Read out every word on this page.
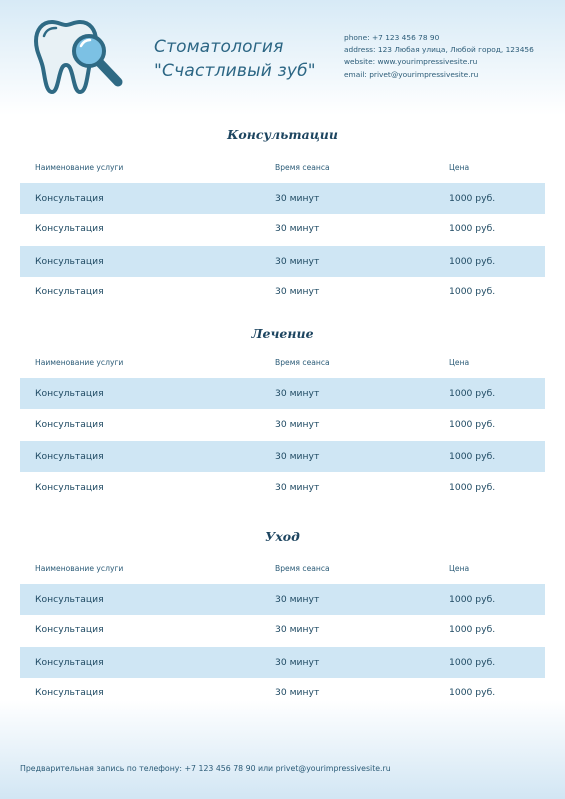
Стоматология
"Счастливый зуб"
phone: +7 123 456 78 90
address: 123 Любая улица, Любой город, 123456
website: www.yourimpressivesite.ru
email: privet@yourimpressivesite.ru
Консультации
Наименование услуги	Время сеанса	Цена
Консультация	30 минут	1000 руб.
Консультация	30 минут	1000 руб.
Консультация	30 минут	1000 руб.
Консультация	30 минут	1000 руб.
Лечение
Наименование услуги	Время сеанса	Цена
Консультация	30 минут	1000 руб.
Консультация	30 минут	1000 руб.
Консультация	30 минут	1000 руб.
Консультация	30 минут	1000 руб.
Уход
Наименование услуги	Время сеанса	Цена
Консультация	30 минут	1000 руб.
Консультация	30 минут	1000 руб.
Консультация	30 минут	1000 руб.
Консультация	30 минут	1000 руб.
Предварительная запись по телефону: +7 123 456 78 90 или privet@yourimpressivesite.ru
